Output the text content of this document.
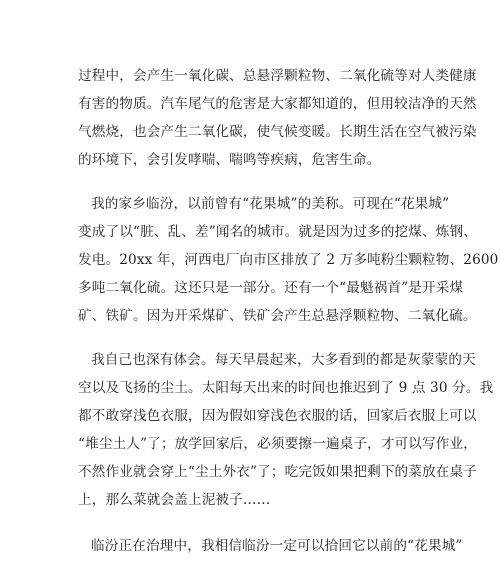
过程中，会产生一氧化碳、总悬浮颗粒物、二氧化硫等对人类健康
有害的物质。汽车尾气的危害是大家都知道的，但用较洁净的天然
气燃烧，也会产生二氧化碳，使气候变暖。长期生活在空气被污染
的环境下，会引发哮喘、喘鸣等疾病，危害生命。
我的家乡临汾，以前曾有“花果城”的美称。可现在“花果城”
变成了以“脏、乱、差”闻名的城市。就是因为过多的挖煤、炼钢、
发电。20xx 年，河西电厂向市区排放了 2 万多吨粉尘颗粒物、2600
多吨二氧化硫。这还只是一部分。还有一个“最魁祸首”是开采煤
矿、铁矿。因为开采煤矿、铁矿会产生总悬浮颗粒物、二氧化硫。
我自己也深有体会。每天早晨起来，大多看到的都是灰蒙蒙的天
空以及飞扬的尘土。太阳每天出来的时间也推迟到了 9 点 30 分。我
都不敢穿浅色衣服，因为假如穿浅色衣服的话，回家后衣服上可以
“堆尘土人”了；放学回家后，必须要擦一遍桌子，才可以写作业，
不然作业就会穿上“尘土外衣”了；吃完饭如果把剩下的菜放在桌子
上，那么菜就会盖上泥被子……
临汾正在治理中，我相信临汾一定可以拾回它以前的“花果城”
